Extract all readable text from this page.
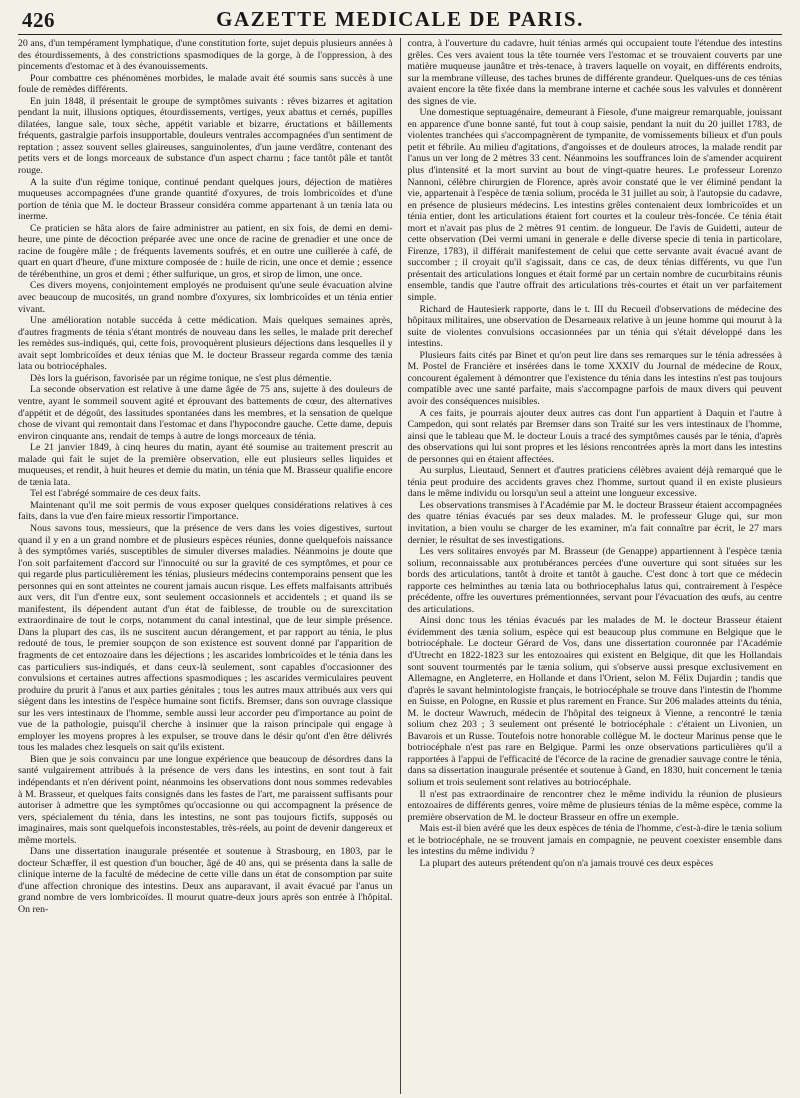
426	GAZETTE MEDICALE DE PARIS.

20 ans, d'un tempérament lymphatique, d'une constitution forte, sujet depuis plusieurs années à des étourdissements, à des constrictions spasmodiques de la gorge, à de l'oppression, à des pincements d'estomac et à des évanouissements.

Pour combattre ces phénomènes morbides, le malade avait été soumis sans succès à une foule de remèdes différents.

En juin 1848, il présentait le groupe de symptômes suivants : rêves bizarres et agitation pendant la nuit, illusions optiques, étourdissements, vertiges, yeux abattus et cernés, pupilles dilatées, langue sale, toux sèche, appétit variable et bizarre, éructations et bâillements fréquents, gastralgie parfois insupportable, douleurs ventrales accompagnées d'un sentiment de reptation ; assez souvent selles glaireuses, sanguinolentes, d'un jaune verdâtre, contenant des petits vers et de longs morceaux de substance d'un aspect charnu ; face tantôt pâle et tantôt rouge.

A la suite d'un régime tonique, continué pendant quelques jours, déjection de matières muqueuses accompagnées d'une grande quantité d'oxyures, de trois lombricoïdes et d'une portion de ténia que M. le docteur Brasseur considéra comme appartenant à un tænia lata ou inerme.

Ce praticien se hâta alors de faire administrer au patient, en six fois, de demi en demi-heure, une pinte de décoction préparée avec une once de racine de grenadier et une once de racine de fougère mâle ; de fréquents lavements soufrés, et en outre une cuillerée à café, de quart en quart d'heure, d'une mixture composée de : huile de ricin, une once et demie ; essence de térébenthine, un gros et demi ; éther sulfurique, un gros, et sirop de limon, une once.

Ces divers moyens, conjointement employés ne produisent qu'une seule évacuation alvine avec beaucoup de mucosités, un grand nombre d'oxyures, six lombricoïdes et un ténia entier vivant.

Une amélioration notable succéda à cette médication. Mais quelques semaines après, d'autres fragments de ténia s'étant montrés de nouveau dans les selles, le malade prit derechef les remèdes sus-indiqués, qui, cette fois, provoquèrent plusieurs déjections dans lesquelles il y avait sept lombricoïdes et deux ténias que M. le docteur Brasseur regarda comme des tænia lata ou botriocéphales.

Dès lors la guérison, favorisée par un régime tonique, ne s'est plus démentie.

La seconde observation est relative à une dame âgée de 75 ans, sujette à des douleurs de ventre, ayant le sommeil souvent agité et éprouvant des battements de cœur, des alternatives d'appétit et de dégoût, des lassitudes spontanées dans les membres, et la sensation de quelque chose de vivant qui remontait dans l'estomac et dans l'hypocondre gauche. Cette dame, depuis environ cinquante ans, rendait de temps à autre de longs morceaux de ténia.

Le 21 janvier 1849, à cinq heures du matin, ayant été soumise au traitement prescrit au malade qui fait le sujet de la première observation, elle eut plusieurs selles liquides et muqueuses, et rendit, à huit heures et demie du matin, un ténia que M. Brasseur qualifie encore de tænia lata.

Tel est l'abrégé sommaire de ces deux faits.

Maintenant qu'il me soit permis de vous exposer quelques considérations relatives à ces faits, dans la vue d'en faire mieux ressortir l'importance.

Nous savons tous, messieurs, que la présence de vers dans les voies digestives, surtout quand il y en a un grand nombre et de plusieurs espèces réunies, donne quelquefois naissance à des symptômes variés, susceptibles de simuler diverses maladies. Néanmoins je doute que l'on soit parfaitement d'accord sur l'innocuité ou sur la gravité de ces symptômes, et pour ce qui regarde plus particulièrement les ténias, plusieurs médecins contemporains pensent que les personnes qui en sont atteintes ne courent jamais aucun risque. Les effets malfaisants attribués aux vers, dit l'un d'entre eux, sont seulement occasionnels et accidentels ; et quand ils se manifestent, ils dépendent autant d'un état de faiblesse, de trouble ou de surexcitation extraordinaire de tout le corps, notamment du canal intestinal, que de leur simple présence. Dans la plupart des cas, ils ne suscitent aucun dérangement, et par rapport au ténia, le plus redouté de tous, le premier soupçon de son existence est souvent donné par l'apparition de fragments de cet entozoaire dans les déjections ; les ascarides lombricoïdes et le ténia dans les cas particuliers sus-indiqués, et dans ceux-là seulement, sont capables d'occasionner des convulsions et certaines autres affections spasmodiques ; les ascarides vermiculaires peuvent produire du prurit à l'anus et aux parties génitales ; tous les autres maux attribués aux vers qui siègent dans les intestins de l'espèce humaine sont fictifs. Bremser, dans son ouvrage classique sur les vers intestinaux de l'homme, semble aussi leur accorder peu d'importance au point de vue de la pathologie, puisqu'il cherche à insinuer que la raison principale qui engage à employer les moyens propres à les expulser, se trouve dans le désir qu'ont d'en être délivrés tous les malades chez lesquels on sait qu'ils existent.

Bien que je sois convaincu par une longue expérience que beaucoup de désordres dans la santé vulgairement attribués à la présence de vers dans les intestins, en sont tout à fait indépendants et n'en dérivent point, néanmoins les observations dont nous sommes redevables à M. Brasseur, et quelques faits consignés dans les fastes de l'art, me paraissent suffisants pour autoriser à admettre que les symptômes qu'occasionne ou qui accompagnent la présence de vers, spécialement du ténia, dans les intestins, ne sont pas toujours fictifs, supposés ou imaginaires, mais sont quelquefois inconstestables, très-réels, au point de devenir dangereux et même mortels.

Dans une dissertation inaugurale présentée et soutenue à Strasbourg, en 1803, par le docteur Schæffer, il est question d'un boucher, âgé de 40 ans, qui se présenta dans la salle de clinique interne de la faculté de médecine de cette ville dans un état de consomption par suite d'une affection chronique des intestins. Deux ans auparavant, il avait évacué par l'anus un grand nombre de vers lombricoïdes. Il mourut quatre-deux jours après son entrée à l'hôpital. On ren-

contra, à l'ouverture du cadavre, huit ténias armés qui occupaient toute l'étendue des intestins grêles. Ces vers avaient tous la tête tournée vers l'estomac et se trouvaient couverts par une matière muqueuse jaunâtre et très-tenace, à travers laquelle on voyait, en différents endroits, sur la membrane villeuse, des taches brunes de différente grandeur. Quelques-uns de ces ténias avaient encore la tête fixée dans la membrane interne et cachée sous les valvules et donnèrent des signes de vie.

Une domestique septuagénaire, demeurant à Fiesole, d'une maigreur remarquable, jouissant en apparence d'une bonne santé, fut tout à coup saisie, pendant la nuit du 20 juillet 1783, de violentes tranchées qui s'accompagnèrent de tympanite, de vomissements bilieux et d'un pouls petit et fébrile. Au milieu d'agitations, d'angoisses et de douleurs atroces, la malade rendit par l'anus un ver long de 2 mètres 33 cent. Néanmoins les souffrances loin de s'amender acquirent plus d'intensité et la mort survint au bout de vingt-quatre heures. Le professeur Lorenzo Nannoni, célèbre chirurgien de Florence, après avoir constaté que le ver éliminé pendant la vie, appartenait à l'espèce de tænia solium, procéda le 31 juillet au soir, à l'autopsie du cadavre, en présence de plusieurs médecins. Les intestins grêles contenaient deux lombricoïdes et un ténia entier, dont les articulations étaient fort courtes et la couleur très-foncée. Ce ténia était mort et n'avait pas plus de 2 mètres 91 centim. de longueur. De l'avis de Guidetti, auteur de cette observation (Dei vermi umani in generale e delle diverse specie di tenia in particolare, Firenze, 1783), il différait manifestement de celui que cette servante avait évacué avant de succomber ; il croyait qu'il s'agissait, dans ce cas, de deux ténias différents, vu que l'un présentait des articulations longues et était formé par un certain nombre de cucurbitains réunis ensemble, tandis que l'autre offrait des articulations très-courtes et était un ver parfaitement simple.

Richard de Hautesierk rapporte, dans le t. III du Recueil d'observations de médecine des hôpitaux militaires, une observation de Desarneaux relative à un jeune homme qui mourut à la suite de violentes convulsions occasionnées par un ténia qui s'était développé dans les intestins.

Plusieurs faits cités par Binet et qu'on peut lire dans ses remarques sur le ténia adressées à M. Postel de Francière et insérées dans le tome XXXIV du Journal de médecine de Roux, concourent également à démontrer que l'existence du ténia dans les intestins n'est pas toujours compatible avec une santé parfaite, mais s'accompagne parfois de maux divers qui peuvent avoir des conséquences nuisibles.

A ces faits, je pourrais ajouter deux autres cas dont l'un appartient à Daquin et l'autre à Campedon, qui sont relatés par Bremser dans son Traité sur les vers intestinaux de l'homme, ainsi que le tableau que M. le docteur Louis a tracé des symptômes causés par le ténia, d'après des observations qui lui sont propres et les lésions rencontrées après la mort dans les intestins de personnes qui en étaient affectées.

Au surplus, Lieutaud, Sennert et d'autres praticiens célèbres avaient déjà remarqué que le ténia peut produire des accidents graves chez l'homme, surtout quand il en existe plusieurs dans le même individu ou lorsqu'un seul a atteint une longueur excessive.

Les observations transmises à l'Académie par M. le docteur Brasseur étaient accompagnées des quatre ténias évacués par ses deux malades. M. le professeur Gluge qui, sur mon invitation, a bien voulu se charger de les examiner, m'a fait connaître par écrit, le 27 mars dernier, le résultat de ses investigations.

Les vers solitaires envoyés par M. Brasseur (de Genappe) appartiennent à l'espèce tænia solium, reconnaissable aux protubérances percées d'une ouverture qui sont situées sur les bords des articulations, tantôt à droite et tantôt à gauche. C'est donc à tort que ce médecin rapporte ces helminthes au tænia lata ou bothriocephalus latus qui, contrairement à l'espèce précédente, offre les ouvertures prémentionnées, servant pour l'évacuation des œufs, au centre des articulations.

Ainsi donc tous les ténias évacués par les malades de M. le docteur Brasseur étaient évidemment des tænia solium, espèce qui est beaucoup plus commune en Belgique que le botriocéphale. Le docteur Gérard de Vos, dans une dissertation couronnée par l'Académie d'Utrecht en 1822-1823 sur les entozoaires qui existent en Belgique, dit que les Hollandais sont souvent tourmentés par le tænia solium, qui s'observe aussi presque exclusivement en Allemagne, en Angleterre, en Hollande et dans l'Orient, selon M. Félix Dujardin ; tandis que d'après le savant helmintologiste français, le botriocéphale se trouve dans l'intestin de l'homme en Suisse, en Pologne, en Russie et plus rarement en France. Sur 206 malades atteints du ténia, M. le docteur Wawruch, médecin de l'hôpital des teigneux à Vienne, a rencontré le tænia solium chez 203 ; 3 seulement ont présenté le botriocéphale : c'étaient un Livonien, un Bavarois et un Russe. Toutefois notre honorable collègue M. le docteur Marinus pense que le botriocéphale n'est pas rare en Belgique. Parmi les onze observations particulières qu'il a rapportées à l'appui de l'efficacité de l'écorce de la racine de grenadier sauvage contre le ténia, dans sa dissertation inaugurale présentée et soutenue à Gand, en 1830, huit concernent le tænia solium et trois seulement sont relatives au botriocéphale.

Il n'est pas extraordinaire de rencontrer chez le même individu la réunion de plusieurs entozoaires de différents genres, voire même de plusieurs ténias de la même espèce, comme la première observation de M. le docteur Brasseur en offre un exemple.

Mais est-il bien avéré que les deux espèces de ténia de l'homme, c'est-à-dire le tænia solium et le botriocéphale, ne se trouvent jamais en compagnie, ne peuvent coexister ensemble dans les intestins du même individu ?

La plupart des auteurs prétendent qu'on n'a jamais trouvé ces deux espèces
